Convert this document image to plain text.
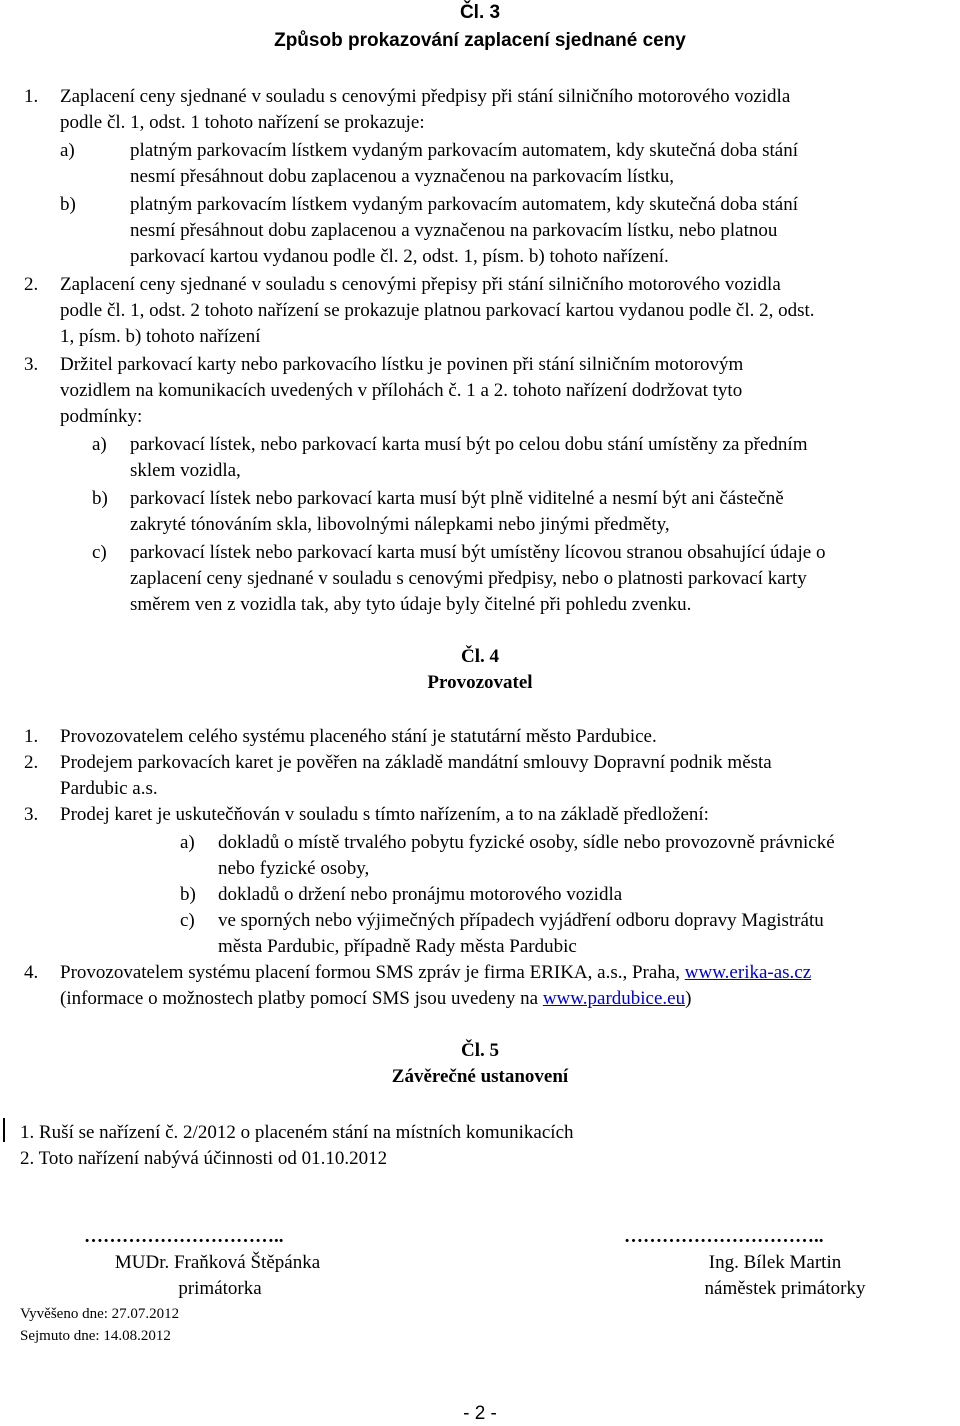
Čl. 3
Způsob prokazování zaplacení sjednané ceny
1. Zaplacení ceny sjednané v souladu s cenovými předpisy při stání silničního motorového vozidla
podle čl. 1, odst. 1 tohoto nařízení se prokazuje:
a)	platným parkovacím lístkem vydaným parkovacím automatem, kdy skutečná doba stání
nesmí přesáhnout dobu zaplacenou a vyznačenou na parkovacím lístku,
b)	platným parkovacím lístkem vydaným parkovacím automatem, kdy skutečná doba stání
nesmí přesáhnout dobu zaplacenou a vyznačenou na parkovacím lístku, nebo platnou
parkovací kartou vydanou podle čl. 2, odst. 1, písm. b) tohoto nařízení.
2. Zaplacení ceny sjednané v souladu s cenovými přepisy při stání silničního motorového vozidla
podle čl. 1, odst. 2 tohoto nařízení se prokazuje platnou parkovací kartou vydanou podle čl. 2, odst.
1, písm. b) tohoto nařízení
3. Držitel parkovací karty nebo parkovacího lístku je povinen při stání silničním motorovým
vozidlem na komunikacích uvedených v přílohách č. 1 a 2. tohoto nařízení dodržovat tyto
podmínky:
a) parkovací lístek, nebo parkovací karta musí být po celou dobu stání umístěny za předním
sklem vozidla,
b) parkovací lístek nebo parkovací karta musí být plně viditelné a nesmí být ani částečně
zakryté tónováním skla, libovolnými nálepkami nebo jinými předměty,
c) parkovací lístek nebo parkovací karta musí být umístěny lícovou stranou obsahující údaje o
zaplacení ceny sjednané v souladu s cenovými předpisy, nebo o platnosti parkovací karty
směrem ven z vozidla tak, aby tyto údaje byly čitelné při pohledu zvenku.
Čl. 4
Provozovatel
1. Provozovatelem celého systému placeného stání je statutární město Pardubice.
2. Prodejem parkovacích karet je pověřen na základě mandátní smlouvy Dopravní podnik města
Pardubic a.s.
3. Prodej karet je uskutečňován v souladu s tímto nařízením, a to na základě předložení:
a) dokladů o místě trvalého pobytu fyzické osoby, sídle nebo provozovně právnické
nebo fyzické osoby,
b) dokladů o držení nebo pronájmu motorového vozidla
c) ve sporných nebo výjimečných případech vyjádření odboru dopravy Magistrátu
města Pardubic, případně Rady města Pardubic
4. Provozovatelem systému placení formou SMS zpráv je firma ERIKA, a.s., Praha, www.erika-as.cz
(informace o možnostech platby pomocí SMS jsou uvedeny na www.pardubice.eu)
Čl. 5
Závěrečné ustanovení
1. Ruší se nařízení č. 2/2012 o placeném stání na místních komunikacích
2. Toto nařízení nabývá účinnosti od 01.10.2012
…………………………..
MUDr. Fraňková Štěpánka
primátorka
…………………………..
Ing. Bílek Martin
náměstek primátorky
Vyvěšeno dne: 27.07.2012
Sejmuto dne: 14.08.2012
- 2 -
